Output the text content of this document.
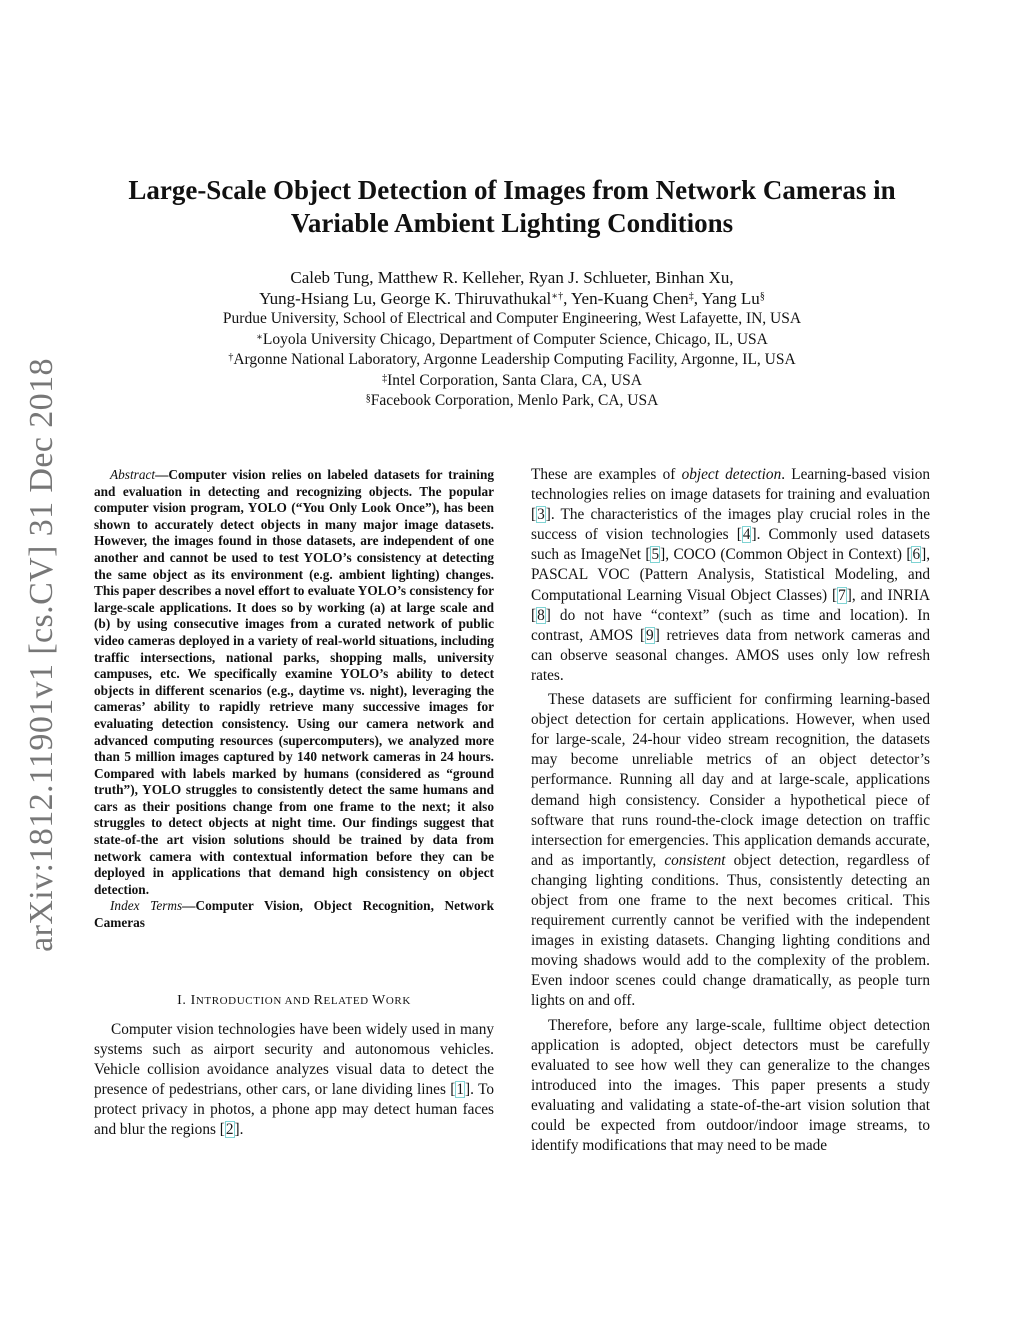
arXiv:1812.11901v1 [cs.CV] 31 Dec 2018
Large-Scale Object Detection of Images from Network Cameras in Variable Ambient Lighting Conditions
Caleb Tung, Matthew R. Kelleher, Ryan J. Schlueter, Binhan Xu,
Yung-Hsiang Lu, George K. Thiruvathukal∗†, Yen-Kuang Chen‡, Yang Lu§
Purdue University, School of Electrical and Computer Engineering, West Lafayette, IN, USA
∗Loyola University Chicago, Department of Computer Science, Chicago, IL, USA
†Argonne National Laboratory, Argonne Leadership Computing Facility, Argonne, IL, USA
‡Intel Corporation, Santa Clara, CA, USA
§Facebook Corporation, Menlo Park, CA, USA

Abstract—Computer vision relies on labeled datasets for training and evaluation in detecting and recognizing objects. The popular computer vision program, YOLO (“You Only Look Once”), has been shown to accurately detect objects in many major image datasets. However, the images found in those datasets, are independent of one another and cannot be used to test YOLO’s consistency at detecting the same object as its environment (e.g. ambient lighting) changes. This paper describes a novel effort to evaluate YOLO’s consistency for large-scale applications. It does so by working (a) at large scale and (b) by using consecutive images from a curated network of public video cameras deployed in a variety of real-world situations, including traffic intersections, national parks, shopping malls, university campuses, etc. We specifically examine YOLO’s ability to detect objects in different scenarios (e.g., daytime vs. night), leveraging the cameras’ ability to rapidly retrieve many successive images for evaluating detection consistency. Using our camera network and advanced computing resources (supercomputers), we analyzed more than 5 million images captured by 140 network cameras in 24 hours. Compared with labels marked by humans (considered as “ground truth”), YOLO struggles to consistently detect the same humans and cars as their positions change from one frame to the next; it also struggles to detect objects at night time. Our findings suggest that state-of-the art vision solutions should be trained by data from network camera with contextual information before they can be deployed in applications that demand high consistency on object detection.

Index Terms—Computer Vision, Object Recognition, Network Cameras

I. INTRODUCTION AND RELATED WORK

Computer vision technologies have been widely used in many systems such as airport security and autonomous vehicles. Vehicle collision avoidance analyzes visual data to detect the presence of pedestrians, other cars, or lane dividing lines [1]. To protect privacy in photos, a phone app may detect human faces and blur the regions [2].

These are examples of object detection. Learning-based vision technologies relies on image datasets for training and evaluation [3]. The characteristics of the images play crucial roles in the success of vision technologies [4]. Commonly used datasets such as ImageNet [5], COCO (Common Object in Context) [6], PASCAL VOC (Pattern Analysis, Statistical Modeling, and Computational Learning Visual Object Classes) [7], and INRIA [8] do not have “context” (such as time and location). In contrast, AMOS [9] retrieves data from network cameras and can observe seasonal changes. AMOS uses only low refresh rates.

These datasets are sufficient for confirming learning-based object detection for certain applications. However, when used for large-scale, 24-hour video stream recognition, the datasets may become unreliable metrics of an object detector’s performance. Running all day and at large-scale, applications demand high consistency. Consider a hypothetical piece of software that runs round-the-clock image detection on traffic intersection for emergencies. This application demands accurate, and as importantly, consistent object detection, regardless of changing lighting conditions. Thus, consistently detecting an object from one frame to the next becomes critical. This requirement currently cannot be verified with the independent images in existing datasets. Changing lighting conditions and moving shadows would add to the complexity of the problem. Even indoor scenes could change dramatically, as people turn lights on and off.

Therefore, before any large-scale, fulltime object detection application is adopted, object detectors must be carefully evaluated to see how well they can generalize to the changes introduced into the images. This paper presents a study evaluating and validating a state-of-the-art vision solution that could be expected from outdoor/indoor image streams, to identify modifications that may need to be made
